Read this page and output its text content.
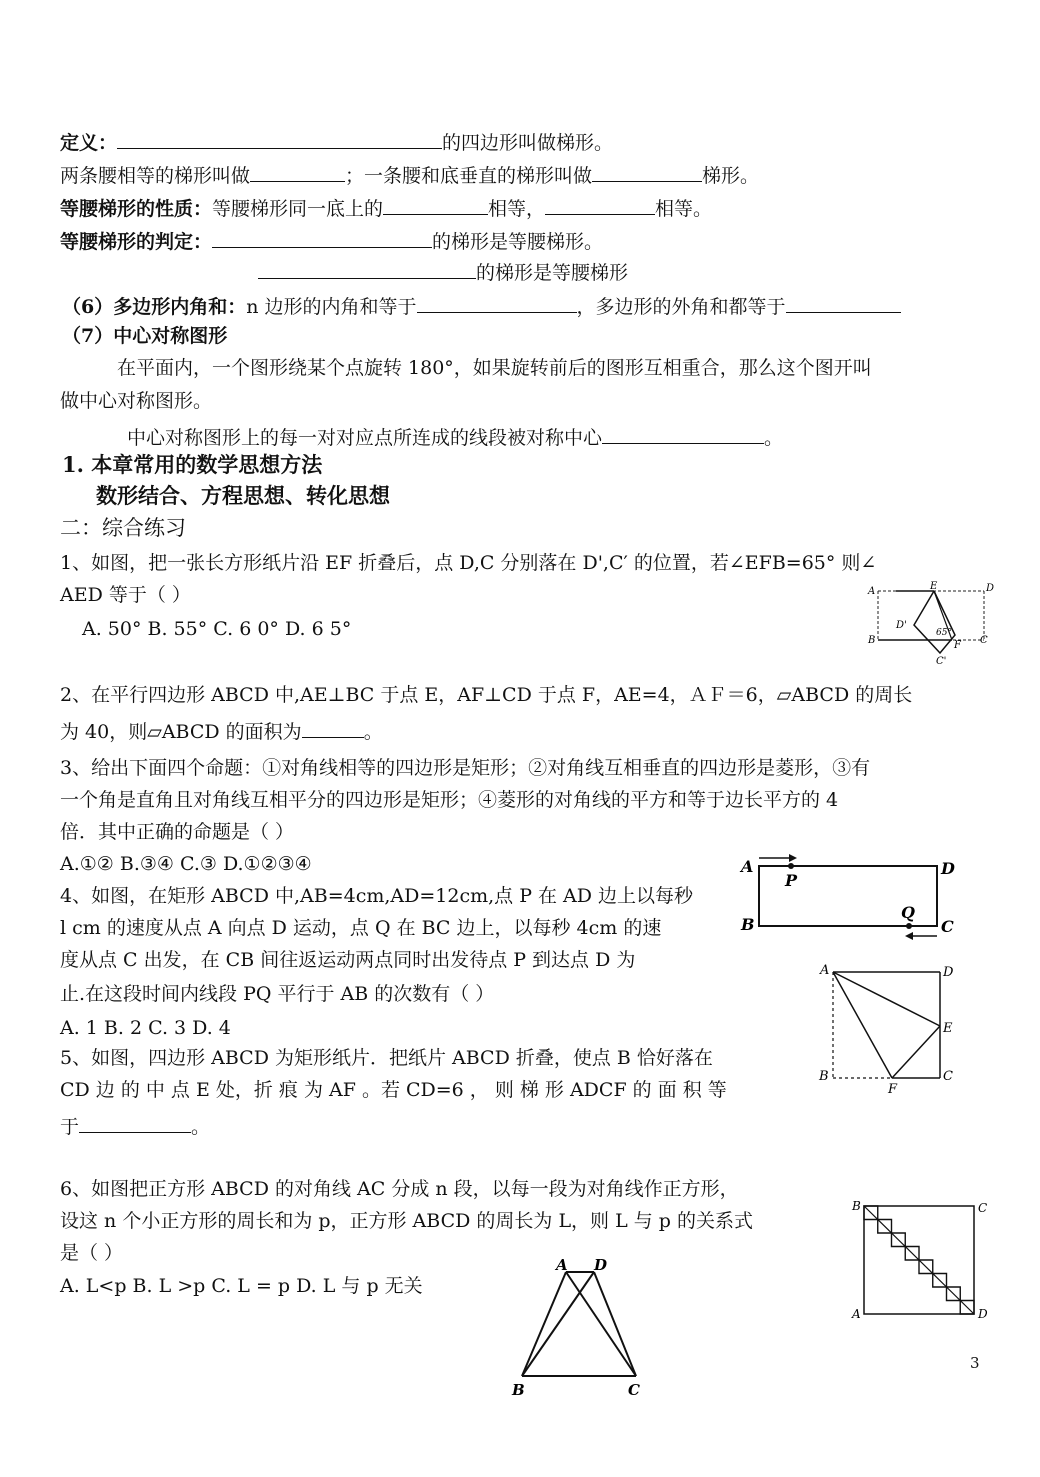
定义：	的四边形叫做梯形。
两条腰相等的梯形叫做	；一条腰和底垂直的梯形叫做	梯形。
等腰梯形的性质：等腰梯形同一底上的	相等，	相等。
等腰梯形的判定：	的梯形是等腰梯形。
的梯形是等腰梯形
（6）多边形内角和：n 边形的内角和等于	，多边形的外角和都等于
（7）中心对称图形
在平面内，一个图形绕某个点旋转 180°，如果旋转前后的图形互相重合，那么这个图开叫
做中心对称图形。
中心对称图形上的每一对对应点所连成的线段被对称中心	。
1. 本章常用的数学思想方法
数形结合、方程思想、转化思想
二：综合练习
1、如图，把一张长方形纸片沿 EF 折叠后，点 D,C 分别落在 D',C′ 的位置，若∠EFB=65° 则∠
AED 等于（ ）
A. 50° B. 55° C. 6 0° D. 6 5°
2、在平行四边形 ABCD 中,AE⊥BC 于点 E，AF⊥CD 于点 F，AE=4，ＡＦ＝6，▱ABCD 的周长
为 40，则▱ABCD 的面积为	。
3、给出下面四个命题：①对角线相等的四边形是矩形；②对角线互相垂直的四边形是菱形，③有
一个角是直角且对角线互相平分的四边形是矩形；④菱形的对角线的平方和等于边长平方的 4
倍．其中正确的命题是（ ）
A.①② B.③④ C.③ D.①②③④
4、如图，在矩形 ABCD 中,AB=4cm,AD=12cm,点 P 在 AD 边上以每秒
l cm 的速度从点 A 向点 D 运动，点 Q 在 BC 边上，以每秒 4cm 的速
度从点 C 出发，在 CB 间往返运动两点同时出发待点 P 到达点 D 为
止.在这段时间内线段 PQ 平行于 AB 的次数有（ ）
A. 1 B. 2 C. 3 D. 4
5、如图，四边形 ABCD 为矩形纸片．把纸片 ABCD 折叠，使点 B 恰好落在
CD 边 的 中 点 E 处，折 痕 为 AF 。若 CD=6 ， 则 梯 形 ADCF 的 面 积 等
于	。
6、如图把正方形 ABCD 的对角线 AC 分成 n 段，以每一段为对角线作正方形，
设这 n 个小正方形的周长和为 p，正方形 ABCD 的周长为 L，则 L 与 p 的关系式
是（ ）
A. L<p B. L >p C. L = p D. L 与 p 无关
A	E	D
D'
B	F C
C'
65°
A
P
D
B
Q
C
A	D
E
B
F
C
B	C
A	D
A D
B	C
3
